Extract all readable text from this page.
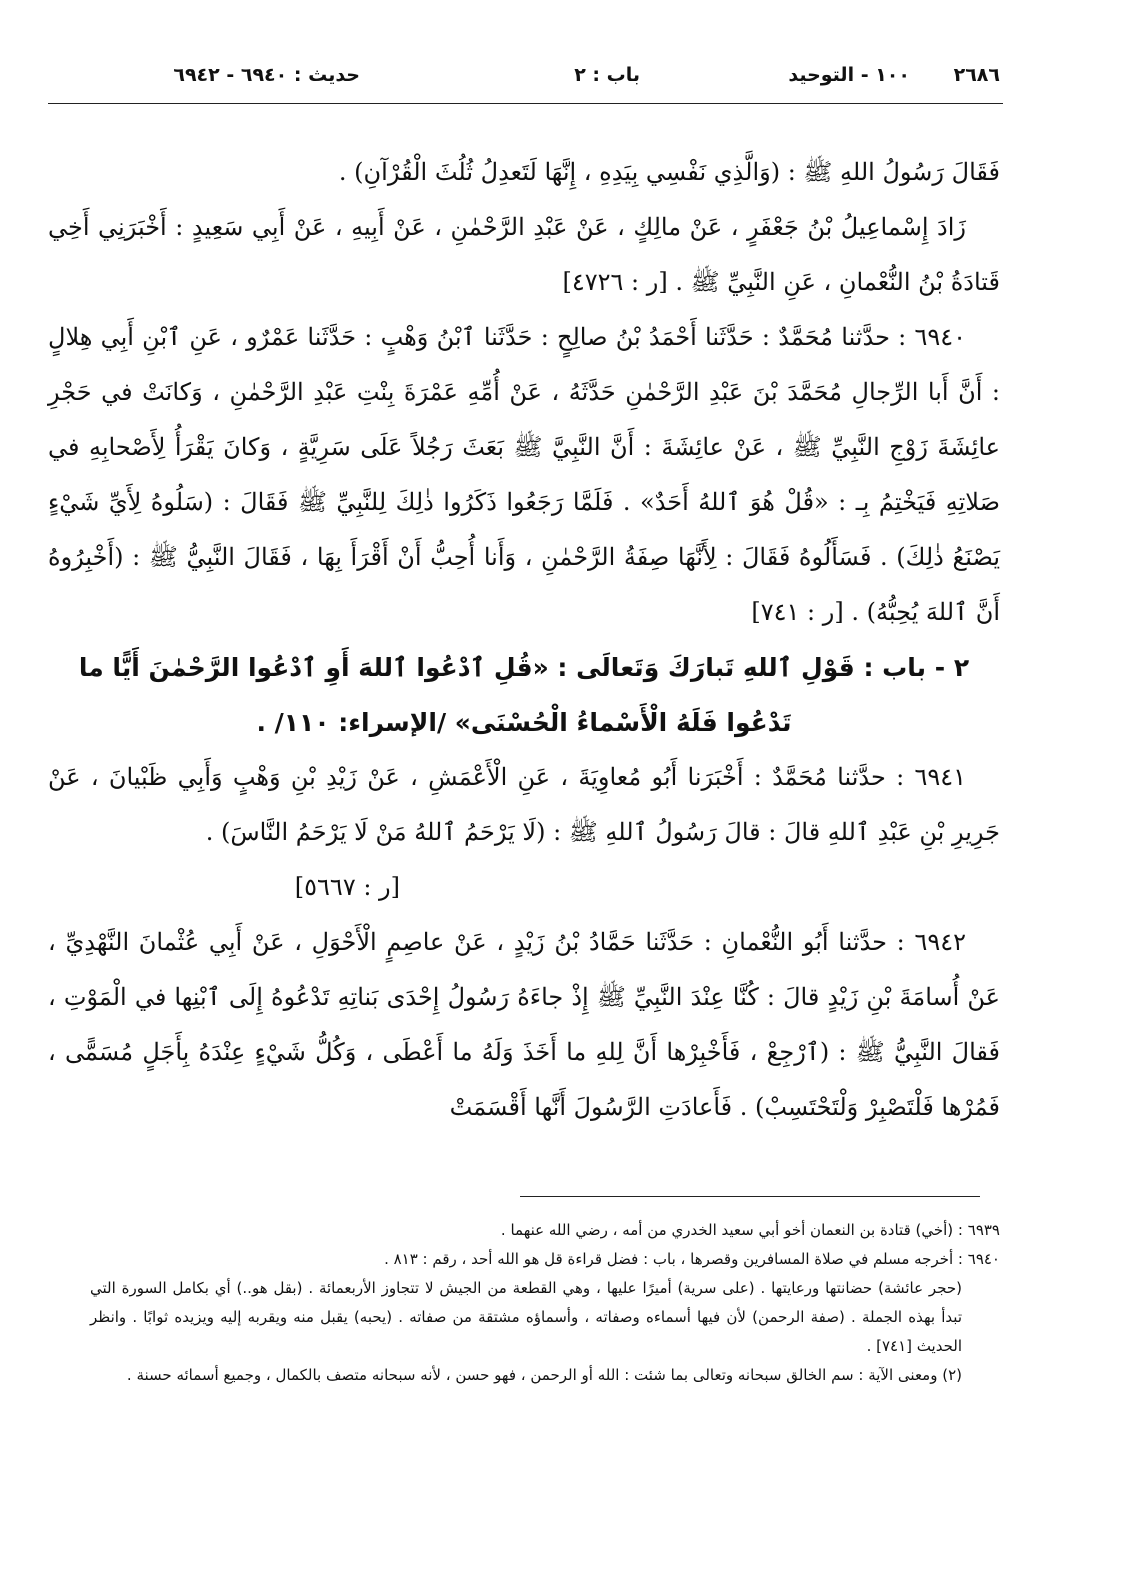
٢٦٨٦
١٠٠ - التوحيد
باب : ٢
حديث : ٦٩٤٠ - ٦٩٤٢

فَقَالَ رَسُولُ اللهِ ﷺ : (وَالَّذِي نَفْسِي بِيَدِهِ ، إِنَّهَا لَتَعدِلُ ثُلُثَ الْقُرْآنِ) .

زَادَ إِسْماعِيلُ بْنُ جَعْفَرٍ ، عَنْ مالِكٍ ، عَنْ عَبْدِ الرَّحْمٰنِ ، عَنْ أَبِيهِ ، عَنْ أَبِي سَعِيدٍ : أَخْبَرَنِي أَخِي قَتادَةُ بْنُ النُّعْمانِ ، عَنِ النَّبِيِّ ﷺ . [ر : ٤٧٢٦]

٦٩٤٠ : حدَّثنا مُحَمَّدٌ : حَدَّثَنا أَحْمَدُ بْنُ صالِحٍ : حَدَّثَنا ٱبْنُ وَهْبٍ : حَدَّثَنا عَمْرٌو ، عَنِ ٱبْنِ أَبِي هِلالٍ : أَنَّ أَبا الرِّجالِ مُحَمَّدَ بْنَ عَبْدِ الرَّحْمٰنِ حَدَّثَهُ ، عَنْ أُمِّهِ عَمْرَةَ بِنْتِ عَبْدِ الرَّحْمٰنِ ، وَكانَتْ في حَجْرِ عائِشَةَ زَوْجِ النَّبِيِّ ﷺ ، عَنْ عائِشَةَ : أَنَّ النَّبِيَّ ﷺ بَعَثَ رَجُلاً عَلَى سَرِيَّةٍ ، وَكانَ يَقْرَأُ لِأَصْحابِهِ في صَلاتِهِ فَيَخْتِمُ بِـ : «قُلْ هُوَ ٱللهُ أَحَدٌ» . فَلَمَّا رَجَعُوا ذَكَرُوا ذٰلِكَ لِلنَّبِيِّ ﷺ فَقَالَ : (سَلُوهُ لِأَيِّ شَيْءٍ يَصْنَعُ ذٰلِكَ) . فَسَأَلُوهُ فَقَالَ : لِأَنَّهَا صِفَةُ الرَّحْمٰنِ ، وَأَنا أُحِبُّ أَنْ أَقْرَأَ بِهَا ، فَقَالَ النَّبِيُّ ﷺ : (أَخْبِرُوهُ أَنَّ ٱللهَ يُحِبُّهُ) . [ر : ٧٤١]

٢ - باب : قَوْلِ ٱللهِ تَبارَكَ وَتَعالَى : «قُلِ ٱدْعُوا ٱللهَ أَوِ ٱدْعُوا الرَّحْمٰنَ أَيًّا ما تَدْعُوا فَلَهُ الْأَسْماءُ الْحُسْنَى» /الإسراء: ١١٠/ .

٦٩٤١ : حدَّثنا مُحَمَّدٌ : أَخْبَرَنا أَبُو مُعاوِيَةَ ، عَنِ الْأَعْمَشِ ، عَنْ زَيْدِ بْنِ وَهْبٍ وَأَبِي ظَبْيانَ ، عَنْ جَرِيرِ بْنِ عَبْدِ ٱللهِ قالَ : قالَ رَسُولُ ٱللهِ ﷺ : (لَا يَرْحَمُ ٱللهُ مَنْ لَا يَرْحَمُ النَّاسَ) .

[ر : ٥٦٦٧]

٦٩٤٢ : حدَّثنا أَبُو النُّعْمانِ : حَدَّثَنا حَمَّادُ بْنُ زَيْدٍ ، عَنْ عاصِمٍ الْأَحْوَلِ ، عَنْ أَبِي عُثْمانَ النَّهْدِيِّ ، عَنْ أُسامَةَ بْنِ زَيْدٍ قالَ : كُنَّا عِنْدَ النَّبِيِّ ﷺ إِذْ جاءَهُ رَسُولُ إِحْدَى بَناتِهِ تَدْعُوهُ إِلَى ٱبْنِها في الْمَوْتِ ، فَقالَ النَّبِيُّ ﷺ : (ٱرْجِعْ ، فَأَخْبِرْها أَنَّ لِلهِ ما أَخَذَ وَلَهُ ما أَعْطَى ، وَكُلُّ شَيْءٍ عِنْدَهُ بِأَجَلٍ مُسَمًّى ، فَمُرْها فَلْتَصْبِرْ وَلْتَحْتَسِبْ) . فَأَعادَتِ الرَّسُولَ أَنَّها أَقْسَمَتْ

٦٩٣٩ : (أخي) قتادة بن النعمان أخو أبي سعيد الخدري من أمه ، رضي الله عنهما .

٦٩٤٠ : أخرجه مسلم في صلاة المسافرين وقصرها ، باب : فضل قراءة قل هو الله أحد ، رقم : ٨١٣ .

(حجر عائشة) حضانتها ورعايتها . (على سرية) أميرًا عليها ، وهي القطعة من الجيش لا تتجاوز الأربعمائة . (بقل هو..) أي بكامل السورة التي تبدأ بهذه الجملة . (صفة الرحمن) لأن فيها أسماءه وصفاته ، وأسماؤه مشتقة من صفاته . (يحبه) يقبل منه ويقربه إليه ويزيده ثوابًا . وانظر الحديث [٧٤١] .

(٢) ومعنى الآية : سم الخالق سبحانه وتعالى بما شئت : الله أو الرحمن ، فهو حسن ، لأنه سبحانه متصف بالكمال ، وجميع أسمائه حسنة .
